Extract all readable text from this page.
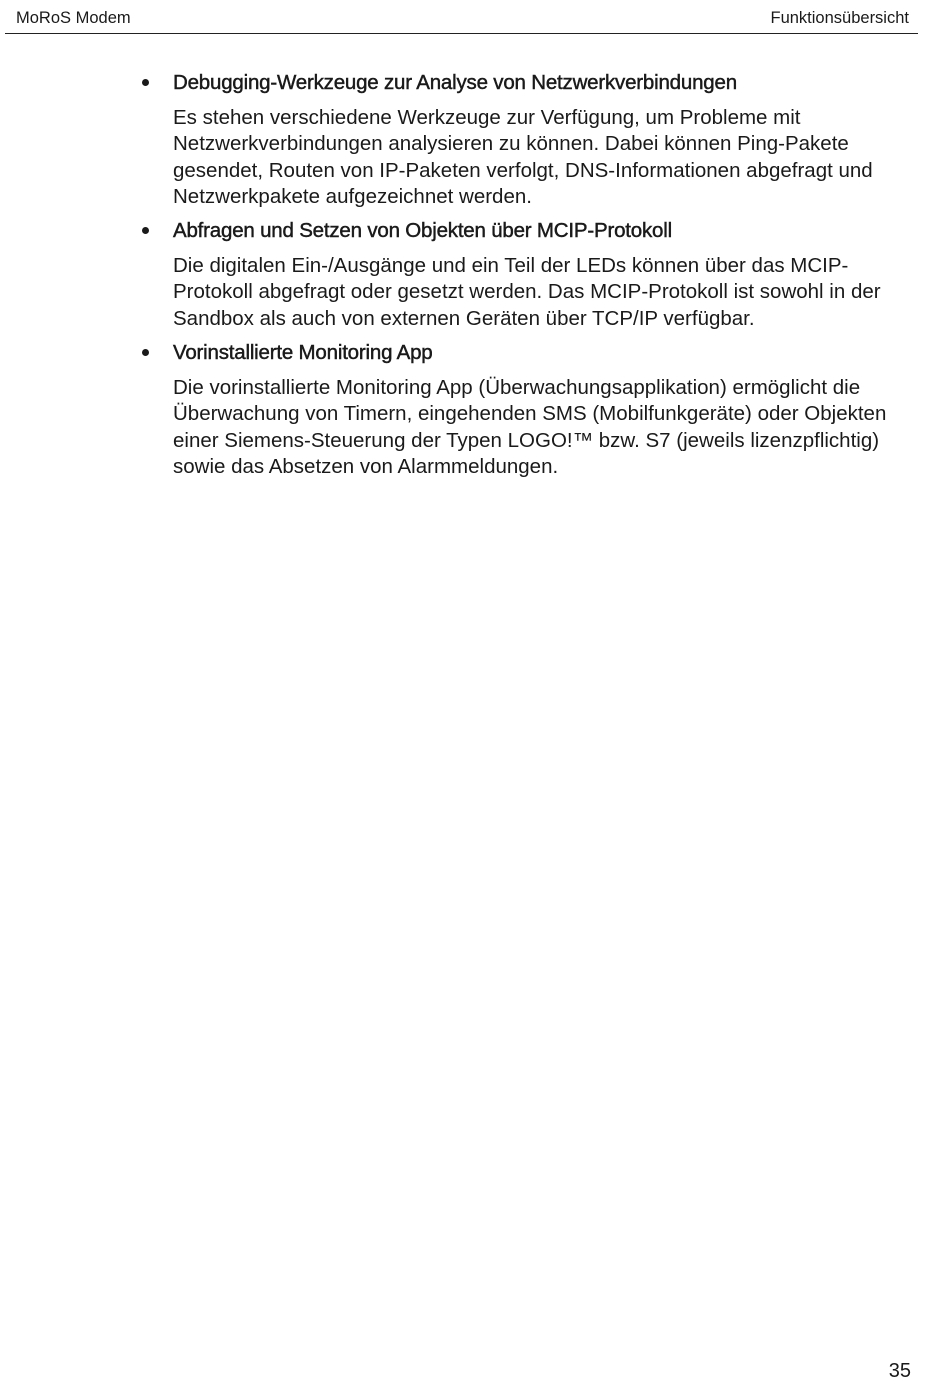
MoRoS Modem	Funktionsübersicht

Debugging-Werkzeuge zur Analyse von Netzwerkverbindungen

Es stehen verschiedene Werkzeuge zur Verfügung, um Probleme mit Netzwerkverbindungen analysieren zu können. Dabei können Ping-Pakete gesendet, Routen von IP-Paketen verfolgt, DNS-Informationen abgefragt und Netzwerkpakete aufgezeichnet werden.

Abfragen und Setzen von Objekten über MCIP-Protokoll

Die digitalen Ein-/Ausgänge und ein Teil der LEDs können über das MCIP-Protokoll abgefragt oder gesetzt werden. Das MCIP-Protokoll ist sowohl in der Sandbox als auch von externen Geräten über TCP/IP verfügbar.

Vorinstallierte Monitoring App

Die vorinstallierte Monitoring App (Überwachungsapplikation) ermöglicht die Überwachung von Timern, eingehenden SMS (Mobilfunkgeräte) oder Objekten einer Siemens-Steuerung der Typen LOGO!™ bzw. S7 (jeweils lizenzpflichtig) sowie das Absetzen von Alarmmeldungen.

35
